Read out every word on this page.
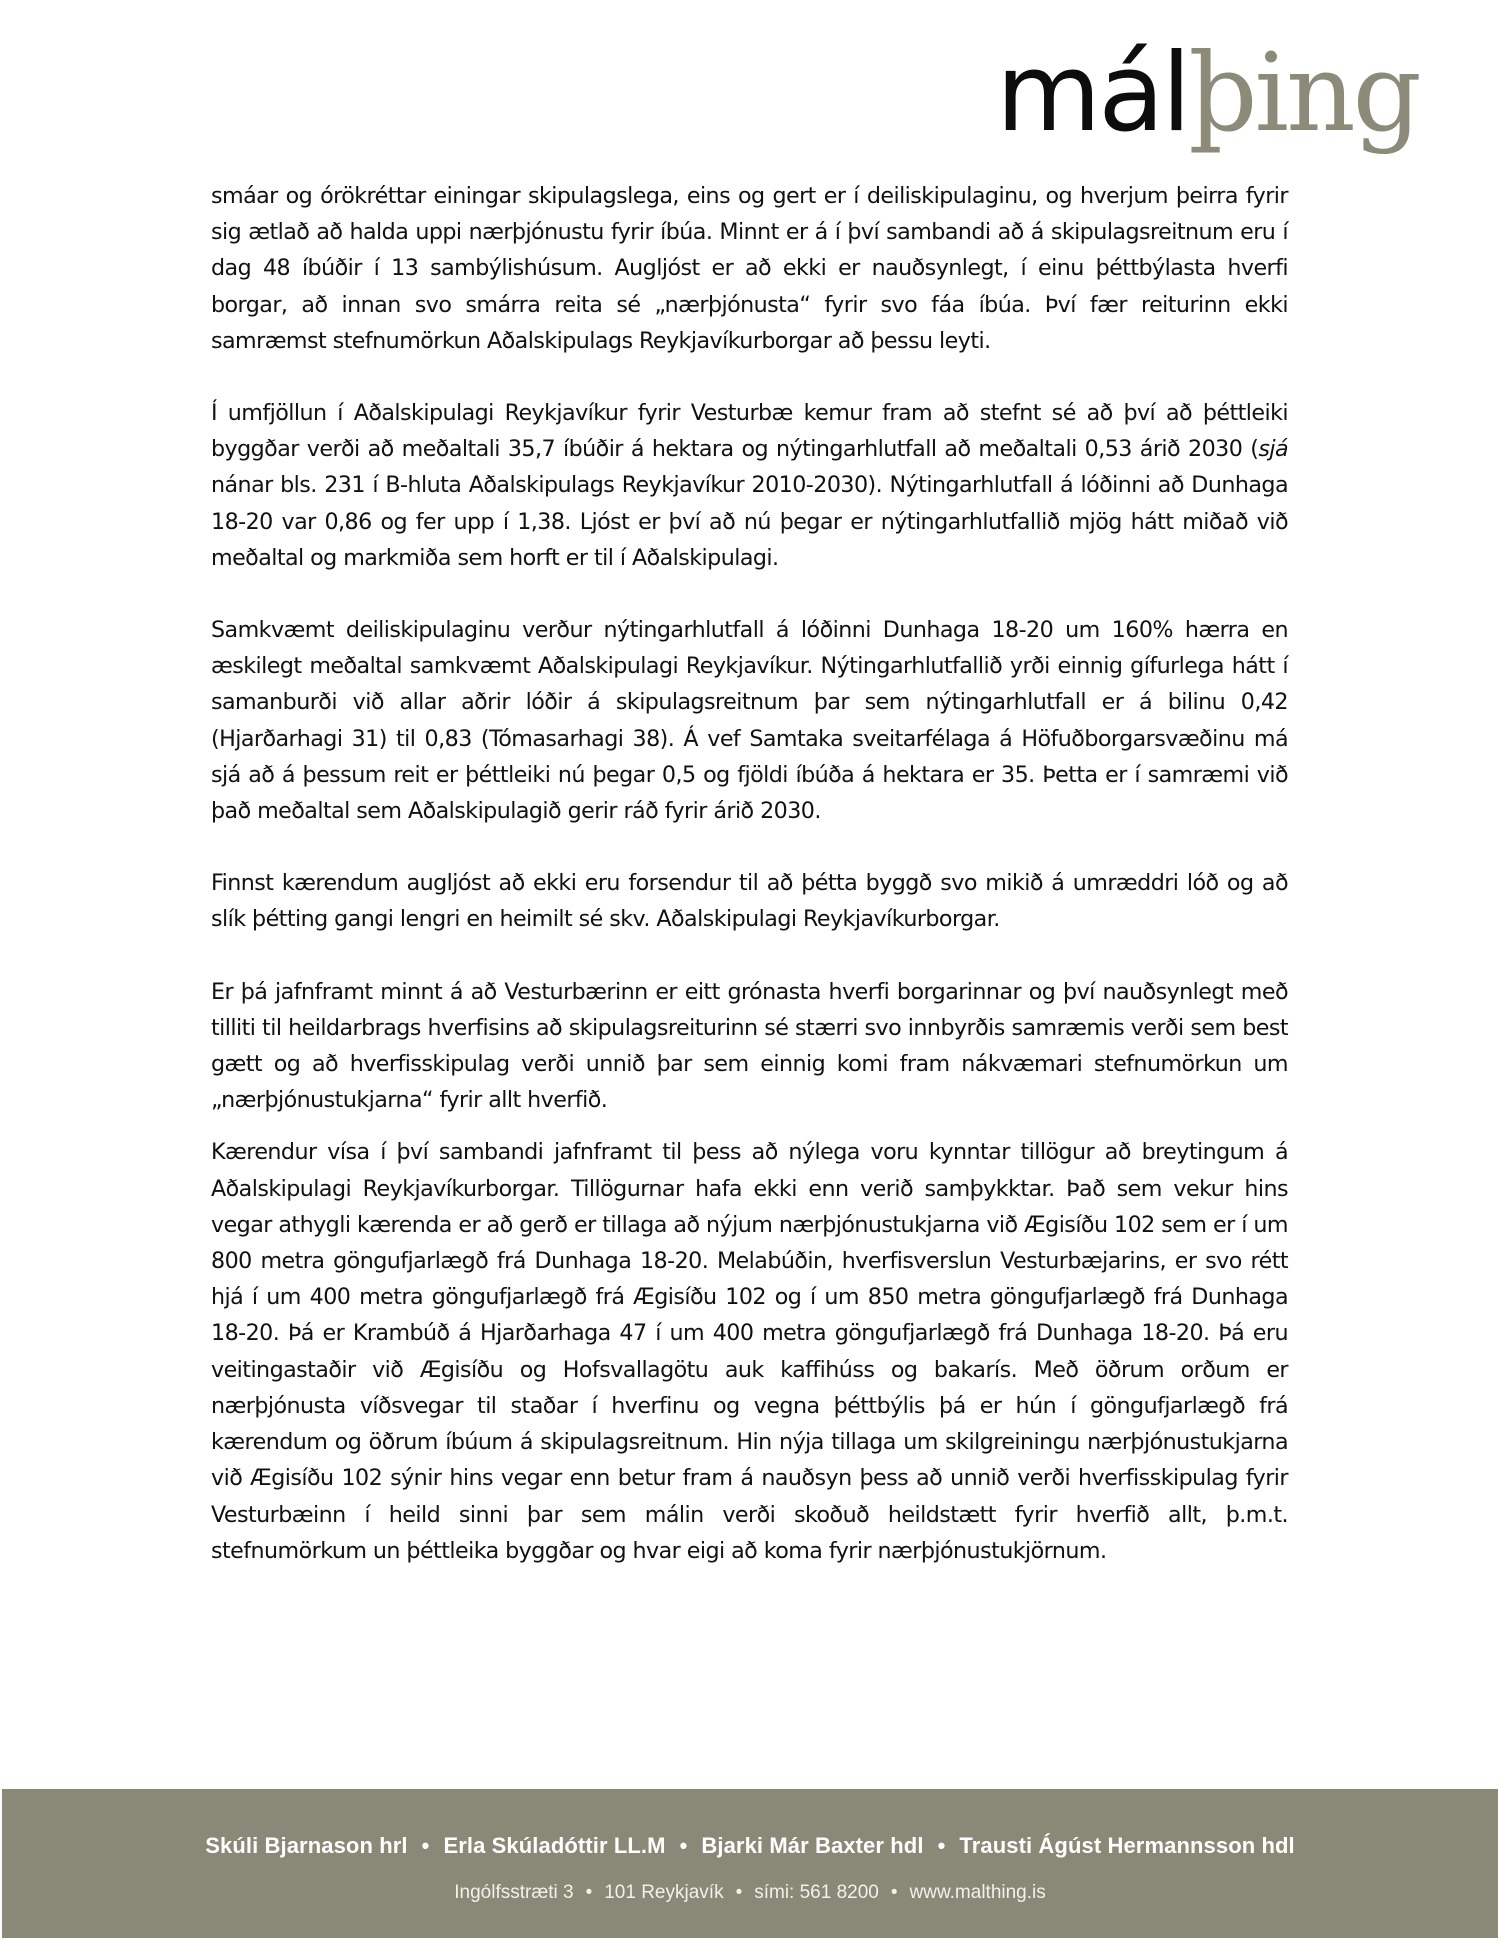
málþing

smáar og órökréttar einingar skipulagslega, eins og gert er í deiliskipulaginu, og hverjum þeirra fyrir sig ætlað að halda uppi nærþjónustu fyrir íbúa. Minnt er á í því sambandi að á skipulagsreitnum eru í dag 48 íbúðir í 13 sambýlishúsum. Augljóst er að ekki er nauðsynlegt, í einu þéttbýlasta hverfi borgar, að innan svo smárra reita sé „nærþjónusta“ fyrir svo fáa íbúa. Því fær reiturinn ekki samræmst stefnumörkun Aðalskipulags Reykjavíkurborgar að þessu leyti.

Í umfjöllun í Aðalskipulagi Reykjavíkur fyrir Vesturbæ kemur fram að stefnt sé að því að þéttleiki byggðar verði að meðaltali 35,7 íbúðir á hektara og nýtingarhlutfall að meðaltali 0,53 árið 2030 (sjá nánar bls. 231 í B-hluta Aðalskipulags Reykjavíkur 2010-2030). Nýtingarhlutfall á lóðinni að Dunhaga 18-20 var 0,86 og fer upp í 1,38. Ljóst er því að nú þegar er nýtingarhlutfallið mjög hátt miðað við meðaltal og markmiða sem horft er til í Aðalskipulagi.

Samkvæmt deiliskipulaginu verður nýtingarhlutfall á lóðinni Dunhaga 18-20 um 160% hærra en æskilegt meðaltal samkvæmt Aðalskipulagi Reykjavíkur. Nýtingarhlutfallið yrði einnig gífurlega hátt í samanburði við allar aðrir lóðir á skipulagsreitnum þar sem nýtingarhlutfall er á bilinu 0,42 (Hjarðarhagi 31) til 0,83 (Tómasarhagi 38). Á vef Samtaka sveitarfélaga á Höfuðborgarsvæðinu má sjá að á þessum reit er þéttleiki nú þegar 0,5 og fjöldi íbúða á hektara er 35. Þetta er í samræmi við það meðaltal sem Aðalskipulagið gerir ráð fyrir árið 2030.

Finnst kærendum augljóst að ekki eru forsendur til að þétta byggð svo mikið á umræddri lóð og að slík þétting gangi lengri en heimilt sé skv. Aðalskipulagi Reykjavíkurborgar.

Er þá jafnframt minnt á að Vesturbærinn er eitt grónasta hverfi borgarinnar og því nauðsynlegt með tilliti til heildarbrags hverfisins að skipulagsreiturinn sé stærri svo innbyrðis samræmis verði sem best gætt og að hverfisskipulag verði unnið þar sem einnig komi fram nákvæmari stefnumörkun um „nærþjónustukjarna“ fyrir allt hverfið.

Kærendur vísa í því sambandi jafnframt til þess að nýlega voru kynntar tillögur að breytingum á Aðalskipulagi Reykjavíkurborgar. Tillögurnar hafa ekki enn verið samþykktar. Það sem vekur hins vegar athygli kærenda er að gerð er tillaga að nýjum nærþjónustukjarna við Ægisíðu 102 sem er í um 800 metra göngufjarlægð frá Dunhaga 18-20. Melabúðin, hverfisverslun Vesturbæjarins, er svo rétt hjá í um 400 metra göngufjarlægð frá Ægisíðu 102 og í um 850 metra göngufjarlægð frá Dunhaga 18-20. Þá er Krambúð á Hjarðarhaga 47 í um 400 metra göngufjarlægð frá Dunhaga 18-20. Þá eru veitingastaðir við Ægisíðu og Hofsvallagötu auk kaffihúss og bakarís. Með öðrum orðum er nærþjónusta víðsvegar til staðar í hverfinu og vegna þéttbýlis þá er hún í göngufjarlægð frá kærendum og öðrum íbúum á skipulagsreitnum. Hin nýja tillaga um skilgreiningu nærþjónustukjarna við Ægisíðu 102 sýnir hins vegar enn betur fram á nauðsyn þess að unnið verði hverfisskipulag fyrir Vesturbæinn í heild sinni þar sem málin verði skoðuð heildstætt fyrir hverfið allt, þ.m.t. stefnumörkum un þéttleika byggðar og hvar eigi að koma fyrir nærþjónustukjörnum.

Skúli Bjarnason hrl • Erla Skúladóttir LL.M • Bjarki Már Baxter hdl • Trausti Ágúst Hermannsson hdl
Ingólfsstræti 3 • 101 Reykjavík • sími: 561 8200 • www.malthing.is
